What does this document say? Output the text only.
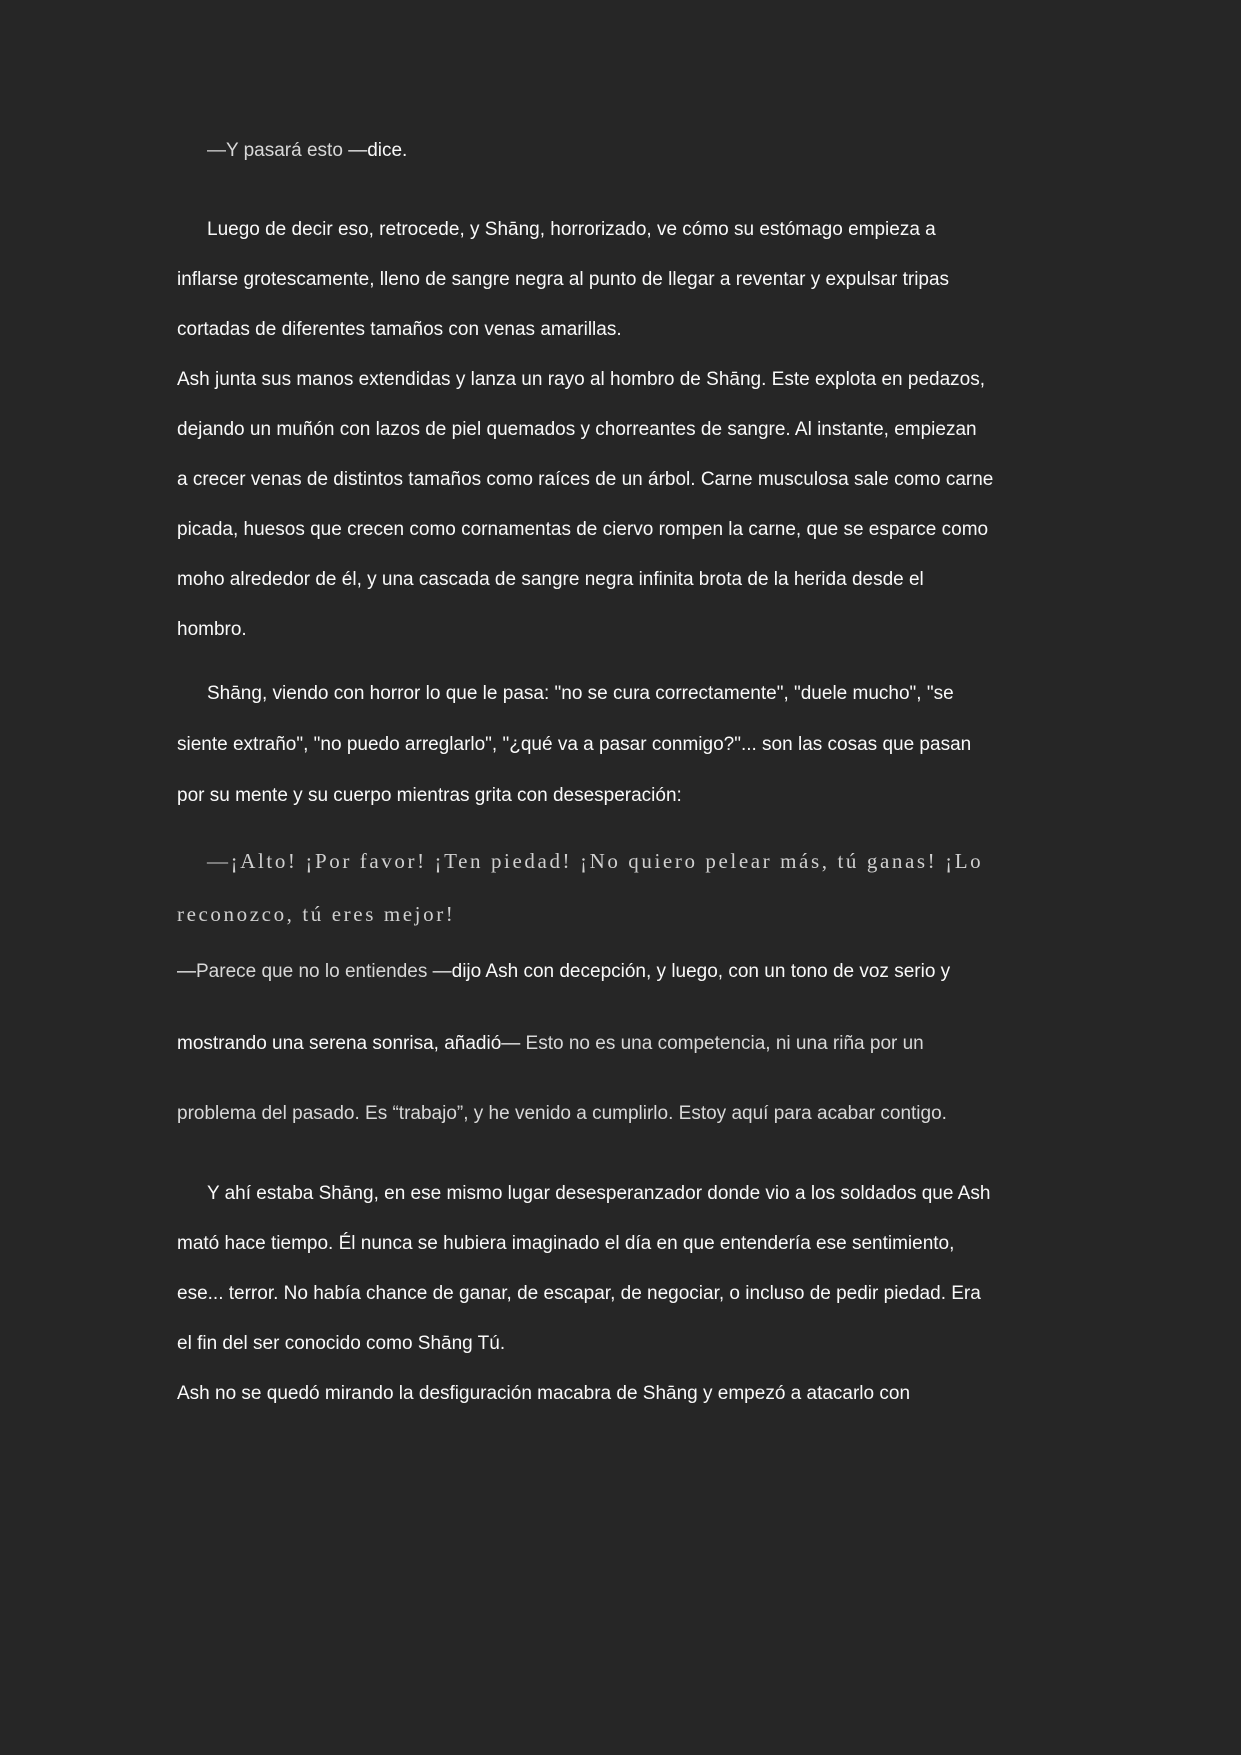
—Y pasará esto —dice.
Luego de decir eso, retrocede, y Shāng, horrorizado, ve cómo su estómago empieza a
inflarse grotescamente, lleno de sangre negra al punto de llegar a reventar y expulsar tripas
cortadas de diferentes tamaños con venas amarillas.
Ash junta sus manos extendidas y lanza un rayo al hombro de Shāng. Este explota en pedazos,
dejando un muñón con lazos de piel quemados y chorreantes de sangre. Al instante, empiezan
a crecer venas de distintos tamaños como raíces de un árbol. Carne musculosa sale como carne
picada, huesos que crecen como cornamentas de ciervo rompen la carne, que se esparce como
moho alrededor de él, y una cascada de sangre negra infinita brota de la herida desde el
hombro.
Shāng, viendo con horror lo que le pasa: "no se cura correctamente", "duele mucho", "se
siente extraño", "no puedo arreglarlo", "¿qué va a pasar conmigo?"... son las cosas que pasan
por su mente y su cuerpo mientras grita con desesperación:
—¡Alto! ¡Por favor! ¡Ten piedad! ¡No quiero pelear más, tú ganas! ¡Lo
reconozco, tú eres mejor!
—Parece que no lo entiendes —dijo Ash con decepción, y luego, con un tono de voz serio y
mostrando una serena sonrisa, añadió— Esto no es una competencia, ni una riña por un
problema del pasado. Es “trabajo”, y he venido a cumplirlo. Estoy aquí para acabar contigo.
Y ahí estaba Shāng, en ese mismo lugar desesperanzador donde vio a los soldados que Ash
mató hace tiempo. Él nunca se hubiera imaginado el día en que entendería ese sentimiento,
ese... terror. No había chance de ganar, de escapar, de negociar, o incluso de pedir piedad. Era
el fin del ser conocido como Shāng Tú.
Ash no se quedó mirando la desfiguración macabra de Shāng y empezó a atacarlo con
